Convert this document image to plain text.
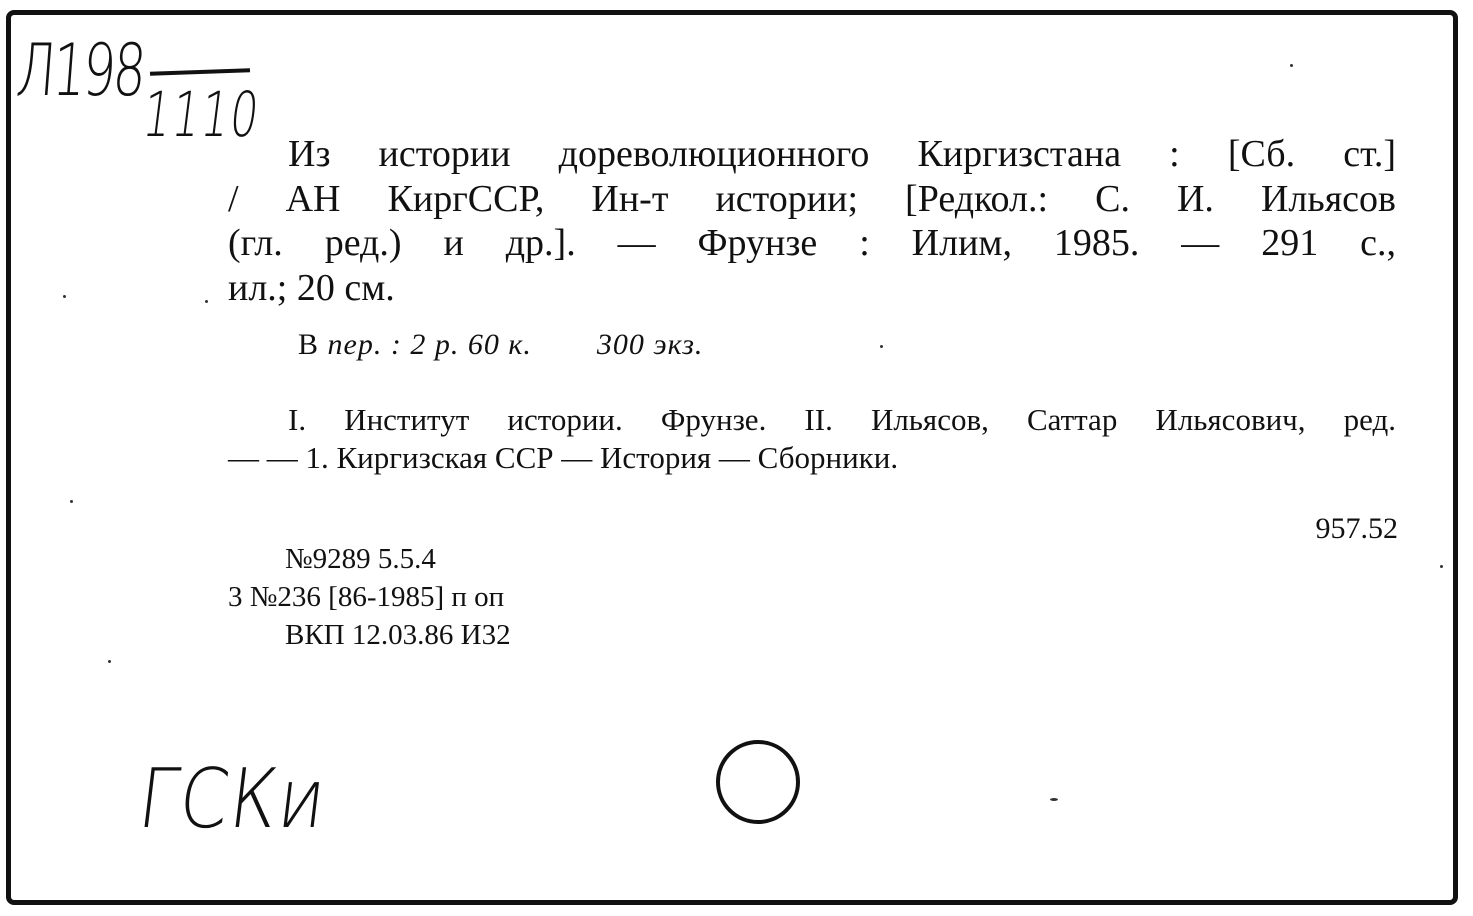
Л198
1110
Из истории дореволюционного Киргизстана : [Сб. ст.]
/ АН КиргССР, Ин-т истории; [Редкол.: С. И. Ильясов
(гл. ред.) и др.]. — Фрунзе : Илим, 1985. — 291 с.,
ил.; 20 см.
В пер. : 2 р. 60 к. 300 экз.
I. Институт истории. Фрунзе. II. Ильясов, Саттар Ильясович, ред.
— — 1. Киргизская ССР — История — Сборники.
957.52
№9289 5.5.4
3 №236 [86-1985] п оп
ВКП 12.03.86 И32
ГСКи
